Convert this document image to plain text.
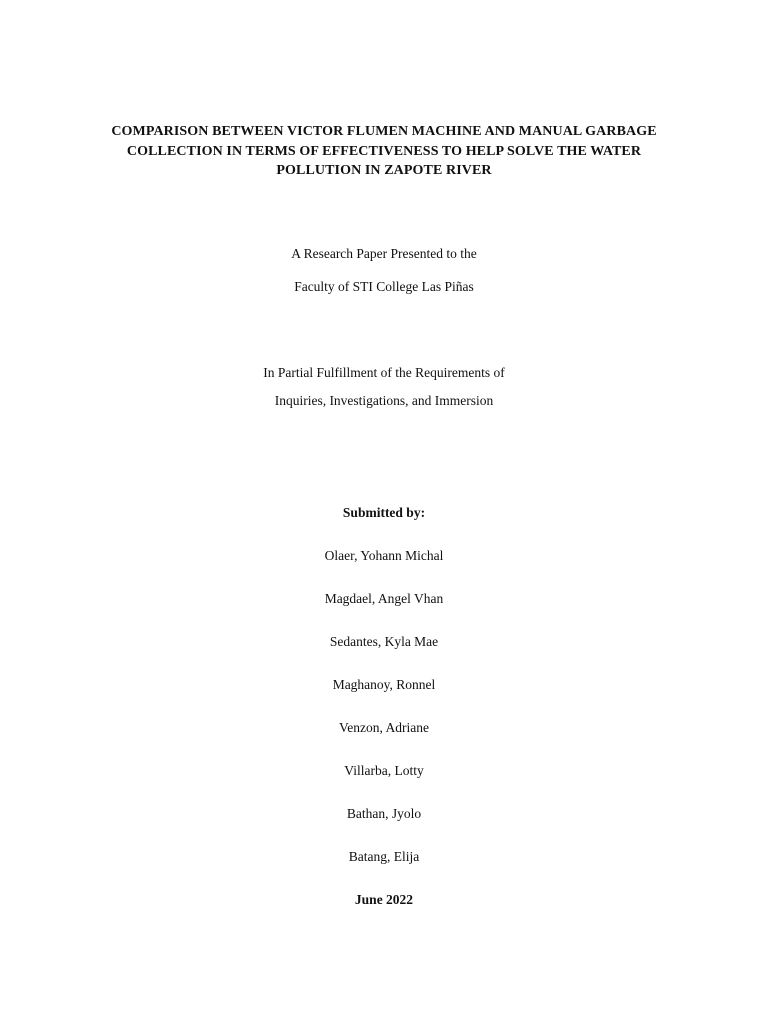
COMPARISON BETWEEN VICTOR FLUMEN MACHINE AND MANUAL GARBAGE
COLLECTION IN TERMS OF EFFECTIVENESS TO HELP SOLVE THE WATER
POLLUTION IN ZAPOTE RIVER
A Research Paper Presented to the
Faculty of STI College Las Piñas
In Partial Fulfillment of the Requirements of
Inquiries, Investigations, and Immersion
Submitted by:
Olaer, Yohann Michal
Magdael, Angel Vhan
Sedantes, Kyla Mae
Maghanoy, Ronnel
Venzon, Adriane
Villarba, Lotty
Bathan, Jyolo
Batang, Elija
June 2022
